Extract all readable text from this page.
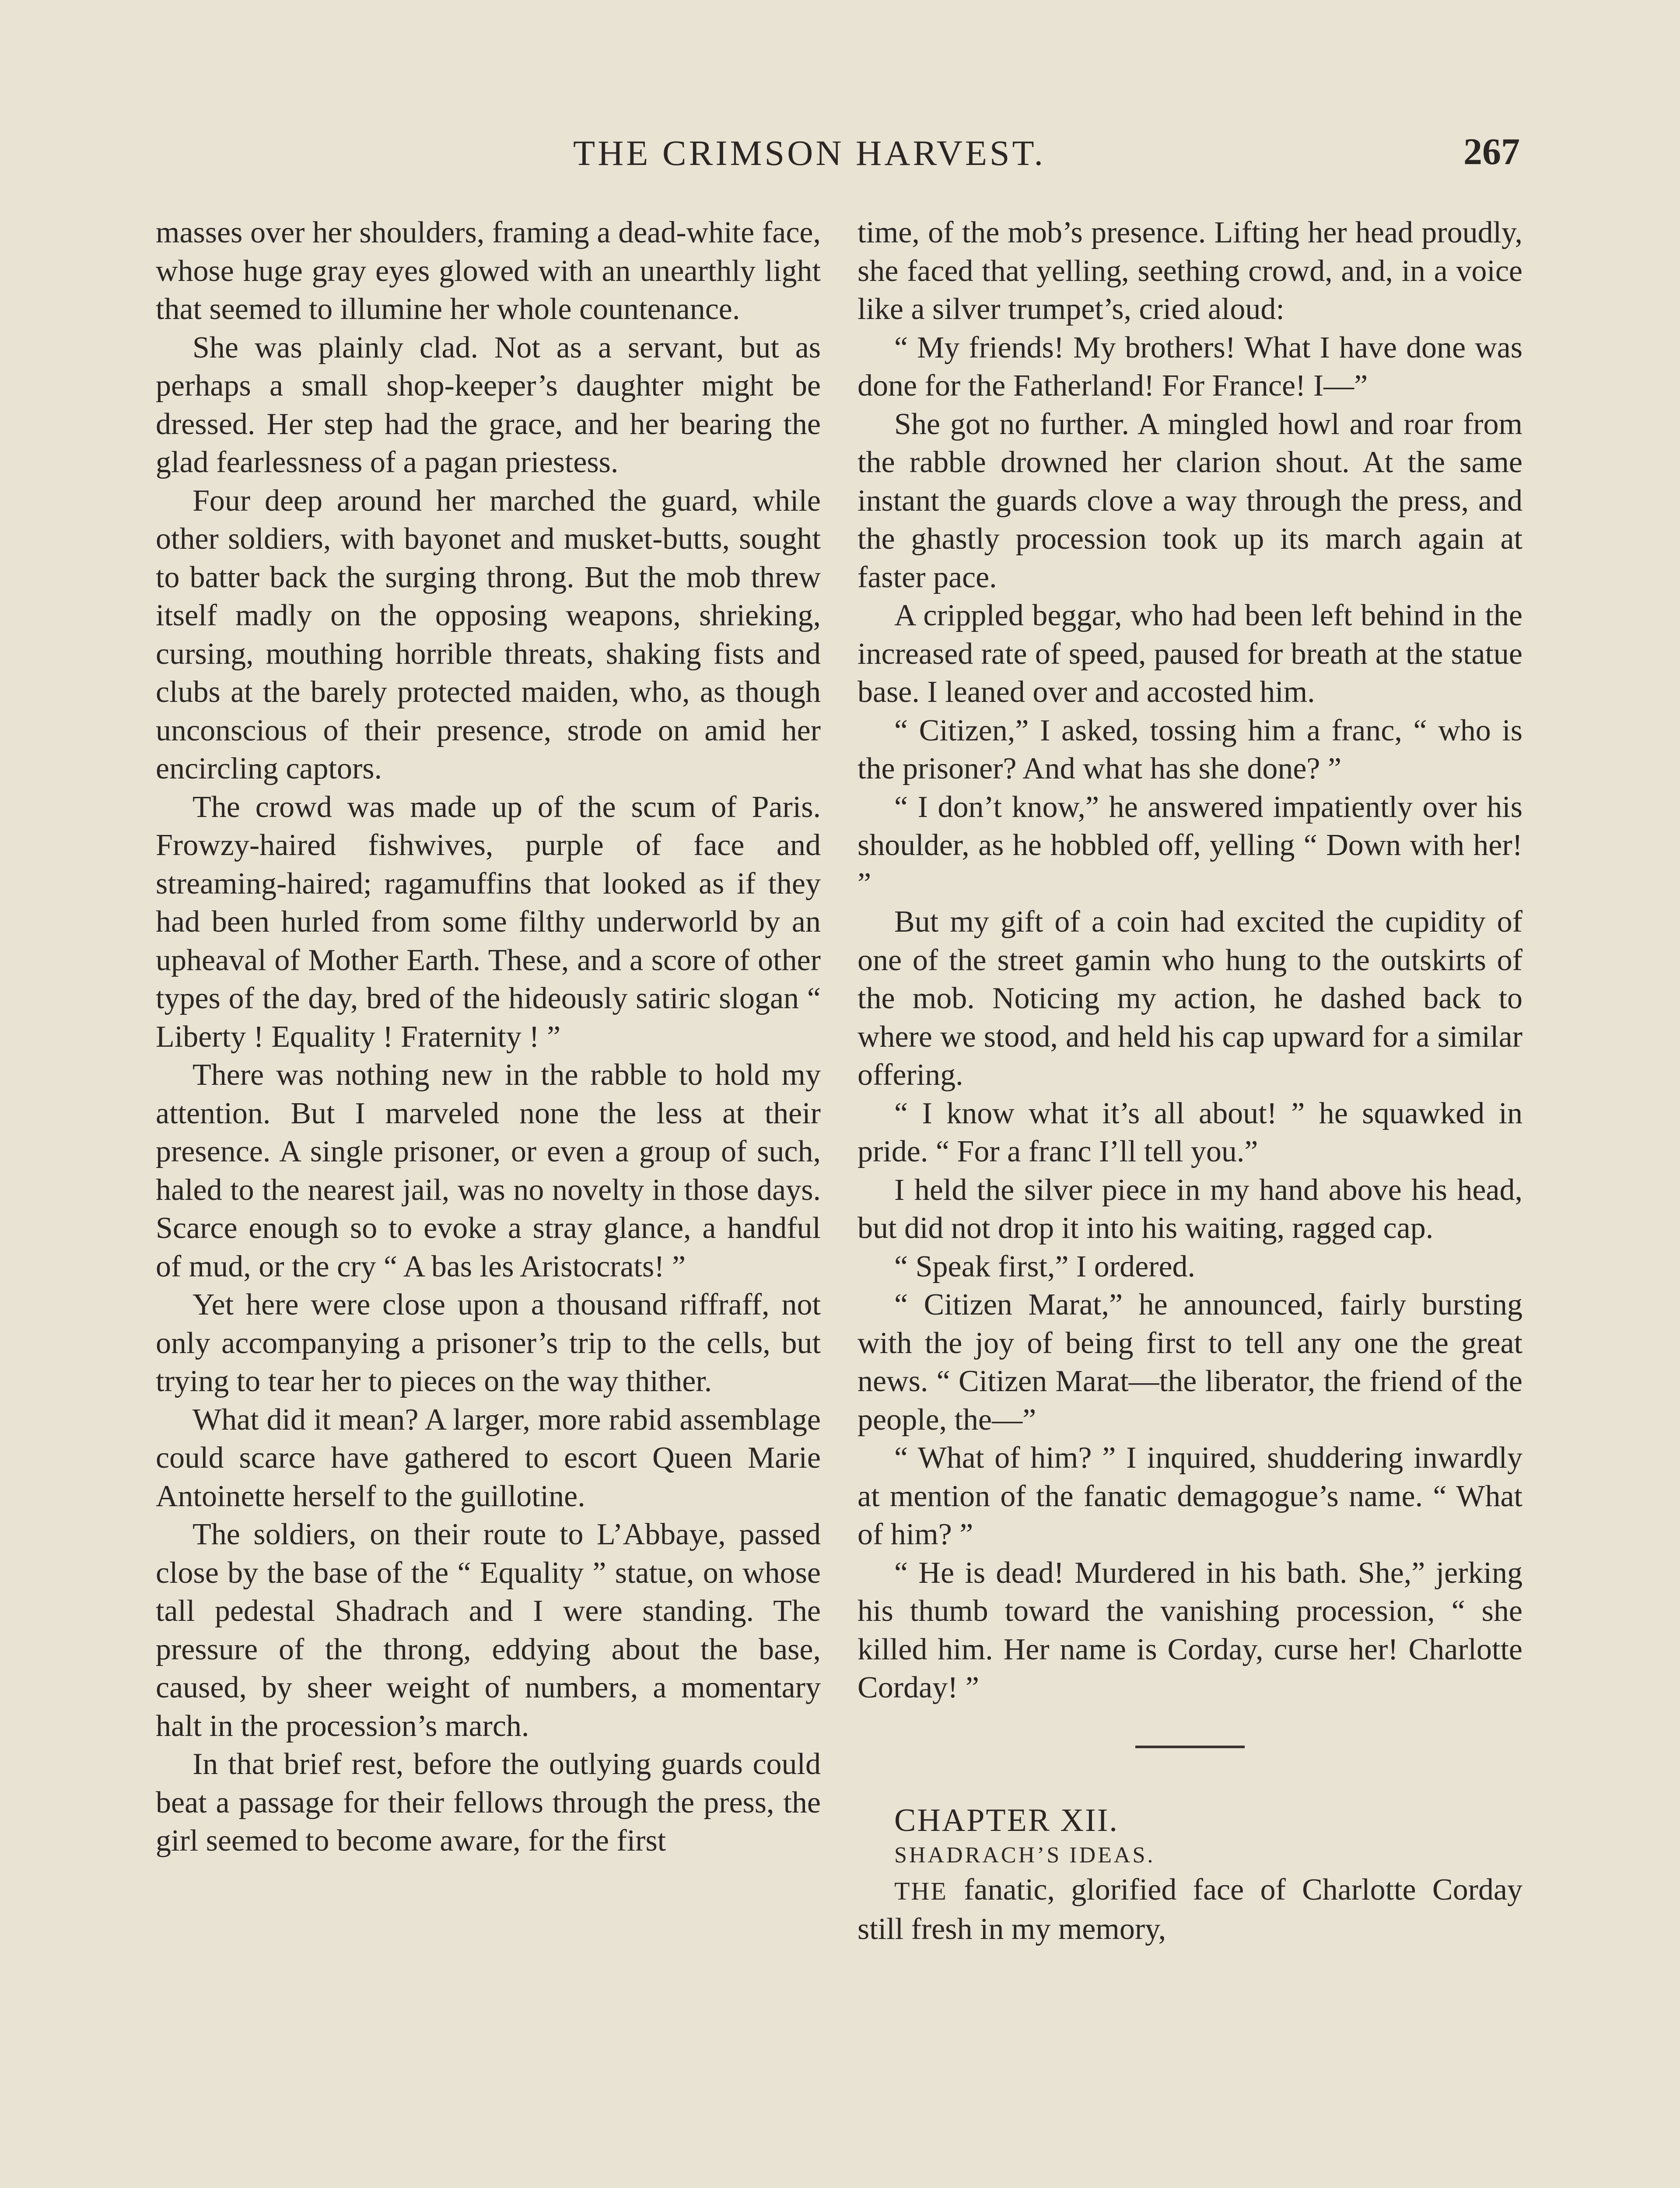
THE CRIMSON HARVEST.	267

masses over her shoulders, framing a dead-white face, whose huge gray eyes glowed with an unearthly light that seemed to illumine her whole countenance.

She was plainly clad. Not as a servant, but as perhaps a small shop-keeper’s daughter might be dressed. Her step had the grace, and her bearing the glad fearlessness of a pagan priestess.

Four deep around her marched the guard, while other soldiers, with bayonet and musket-butts, sought to batter back the surging throng. But the mob threw itself madly on the opposing weapons, shrieking, cursing, mouthing horrible threats, shaking fists and clubs at the barely protected maiden, who, as though unconscious of their presence, strode on amid her encircling captors.

The crowd was made up of the scum of Paris. Frowzy-haired fishwives, purple of face and streaming-haired; ragamuffins that looked as if they had been hurled from some filthy underworld by an upheaval of Mother Earth. These, and a score of other types of the day, bred of the hideously satiric slogan “ Liberty ! Equality ! Fraternity ! ”

There was nothing new in the rabble to hold my attention. But I marveled none the less at their presence. A single prisoner, or even a group of such, haled to the nearest jail, was no novelty in those days. Scarce enough so to evoke a stray glance, a handful of mud, or the cry “ A bas les Aristocrats! ”

Yet here were close upon a thousand riffraff, not only accompanying a prisoner’s trip to the cells, but trying to tear her to pieces on the way thither.

What did it mean? A larger, more rabid assemblage could scarce have gathered to escort Queen Marie Antoinette herself to the guillotine.

The soldiers, on their route to L’Abbaye, passed close by the base of the “ Equality ” statue, on whose tall pedestal Shadrach and I were standing. The pressure of the throng, eddying about the base, caused, by sheer weight of numbers, a momentary halt in the procession’s march.

In that brief rest, before the outlying guards could beat a passage for their fellows through the press, the girl seemed to become aware, for the first

time, of the mob’s presence. Lifting her head proudly, she faced that yelling, seething crowd, and, in a voice like a silver trumpet’s, cried aloud:

“ My friends! My brothers! What I have done was done for the Fatherland! For France! I—”

She got no further. A mingled howl and roar from the rabble drowned her clarion shout. At the same instant the guards clove a way through the press, and the ghastly procession took up its march again at faster pace.

A crippled beggar, who had been left behind in the increased rate of speed, paused for breath at the statue base. I leaned over and accosted him.

“ Citizen,” I asked, tossing him a franc, “ who is the prisoner? And what has she done? ”

“ I don’t know,” he answered impatiently over his shoulder, as he hobbled off, yelling “ Down with her! ”

But my gift of a coin had excited the cupidity of one of the street gamin who hung to the outskirts of the mob. Noticing my action, he dashed back to where we stood, and held his cap upward for a similar offering.

“ I know what it’s all about! ” he squawked in pride. “ For a franc I’ll tell you.”

I held the silver piece in my hand above his head, but did not drop it into his waiting, ragged cap.

“ Speak first,” I ordered.

“ Citizen Marat,” he announced, fairly bursting with the joy of being first to tell any one the great news. “ Citizen Marat—the liberator, the friend of the people, the—”

“ What of him? ” I inquired, shuddering inwardly at mention of the fanatic demagogue’s name. “ What of him? ”

“ He is dead! Murdered in his bath. She,” jerking his thumb toward the vanishing procession, “ she killed him. Her name is Corday, curse her! Charlotte Corday! ”

CHAPTER XII.

SHADRACH’S IDEAS.

THE fanatic, glorified face of Charlotte Corday still fresh in my memory,
